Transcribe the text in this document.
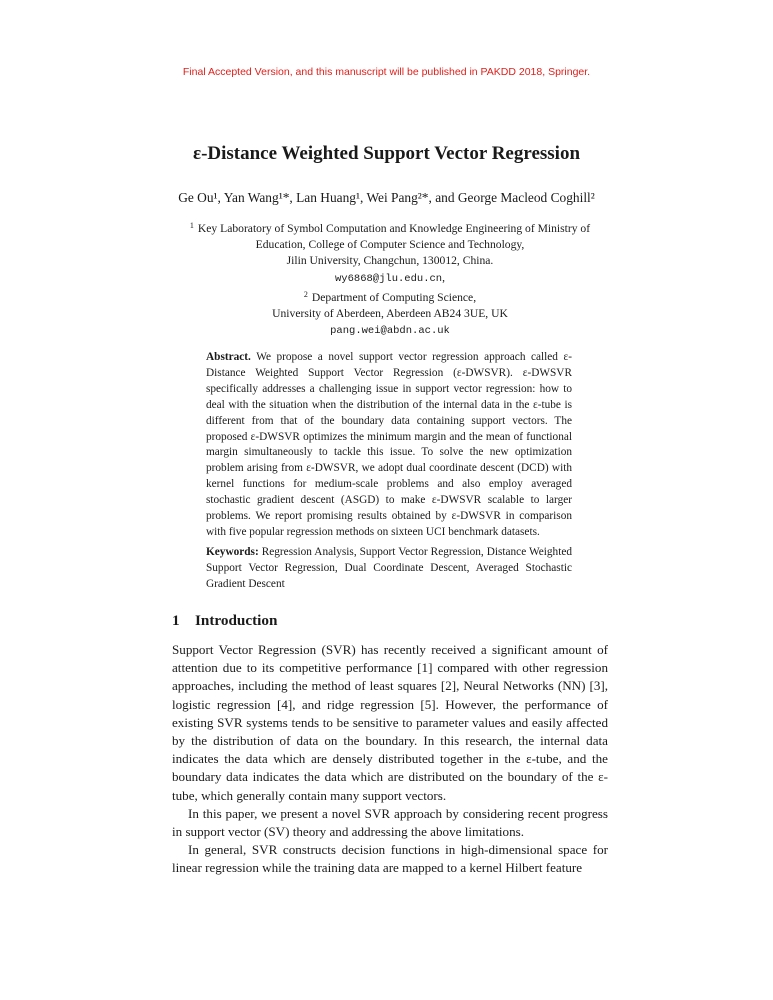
Final Accepted Version, and this manuscript will be published in PAKDD 2018, Springer.
ε-Distance Weighted Support Vector Regression
Ge Ou¹, Yan Wang¹*, Lan Huang¹, Wei Pang²*, and George Macleod Coghill²
$^1$ Key Laboratory of Symbol Computation and Knowledge Engineering of Ministry of
Education, College of Computer Science and Technology,
Jilin University, Changchun, 130012, China.
wy6868@jlu.edu.cn,
$^2$ Department of Computing Science,
University of Aberdeen, Aberdeen AB24 3UE, UK
pang.wei@abdn.ac.uk
Abstract. We propose a novel support vector regression approach called ε-Distance Weighted Support Vector Regression (ε-DWSVR). ε-DWSVR specifically addresses a challenging issue in support vector regression: how to deal with the situation when the distribution of the internal data in the ε-tube is different from that of the boundary data containing support vectors. The proposed ε-DWSVR optimizes the minimum margin and the mean of functional margin simultaneously to tackle this issue. To solve the new optimization problem arising from ε-DWSVR, we adopt dual coordinate descent (DCD) with kernel functions for medium-scale problems and also employ averaged stochastic gradient descent (ASGD) to make ε-DWSVR scalable to larger problems. We report promising results obtained by ε-DWSVR in comparison with five popular regression methods on sixteen UCI benchmark datasets.
Keywords: Regression Analysis, Support Vector Regression, Distance Weighted Support Vector Regression, Dual Coordinate Descent, Averaged Stochastic Gradient Descent
1 Introduction

Support Vector Regression (SVR) has recently received a significant amount of attention due to its competitive performance [1] compared with other regression approaches, including the method of least squares [2], Neural Networks (NN) [3], logistic regression [4], and ridge regression [5]. However, the performance of existing SVR systems tends to be sensitive to parameter values and easily affected by the distribution of data on the boundary. In this research, the internal data indicates the data which are densely distributed together in the ε-tube, and the boundary data indicates the data which are distributed on the boundary of the ε-tube, which generally contain many support vectors.

In this paper, we present a novel SVR approach by considering recent progress in support vector (SV) theory and addressing the above limitations.

In general, SVR constructs decision functions in high-dimensional space for linear regression while the training data are mapped to a kernel Hilbert feature
